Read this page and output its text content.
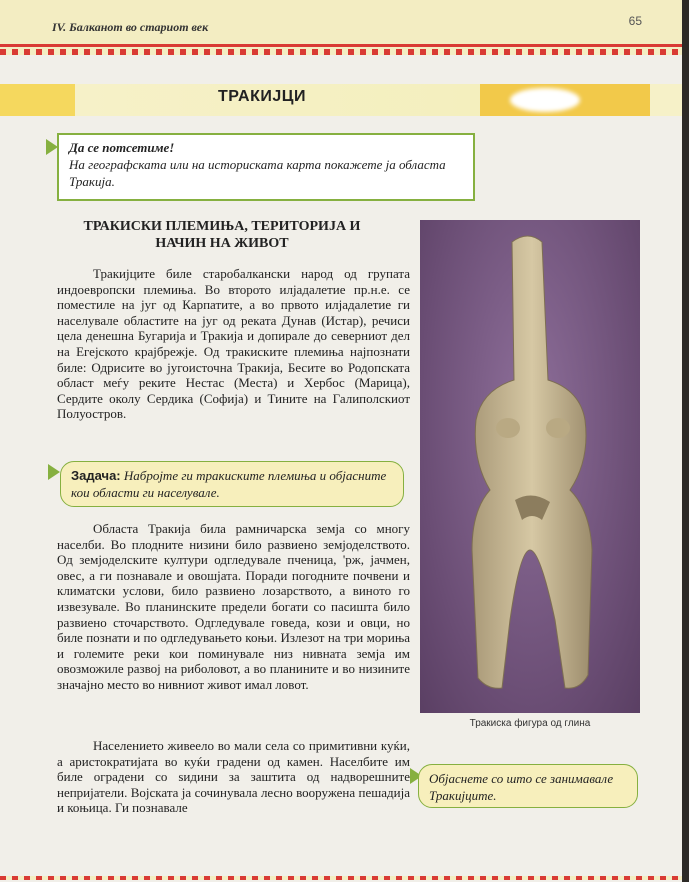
IV. Балканот во стариот век	65
ТРАКИЈЦИ
Да се потсетиме!
На географската или на историската карта покажете ја областа Тракија.
ТРАКИСКИ ПЛЕМИЊА, ТЕРИТОРИЈА И НАЧИН НА ЖИВОТ

Тракијците биле старобалкански народ од групата индоевропски племиња. Во второто илјадалетие пр.н.е. се поместиле на југ од Карпатите, а во првото илјадалетие ги населувале областите на југ од реката Дунав (Истар), речиси цела денешна Бугарија и Тракија и допирале до северниот дел на Егејското крајбрежје. Од тракиските племиња најпознати биле: Одрисите во југоисточна Тракија, Бесите во Родопската област меѓу реките Нестас (Места) и Хербос (Марица), Сердите околу Сердика (Софија) и Тините на Галиполскиот Полуостров.

Задача: Набројте ги тракиските племиња и објасните кои области ги населувале.

Областа Тракија била рамничарска земја со многу населби. Во плодните низини било развиено земјоделството. Од земјоделските култури одгледувале пченица, 'рж, јачмен, овес, а ги познавале и овошјата. Поради погодните почвени и климатски услови, било развиено лозарството, а виното го извезувале. Во планинските предели богати со пасишта било развиено сточарството. Одгледувале говеда, кози и овци, но биле познати и по одгледувањето коњи. Излезот на три мориња и големите реки кои поминувале низ нивната земја им овозможиле развој на риболовот, а во планините и во низините значајно место во нивниот живот имал ловот.

Населението живеело во мали села со примитивни куќи, а аристократијата во куќи градени од камен. Населбите им биле оградени со ѕидини за заштита од надворешните непријатели. Војската ја сочинувала лесно вооружена пешадија и коњица. Ги познавале

Тракиска фигура од глина
Објаснете со што се занимавале Тракијците.
